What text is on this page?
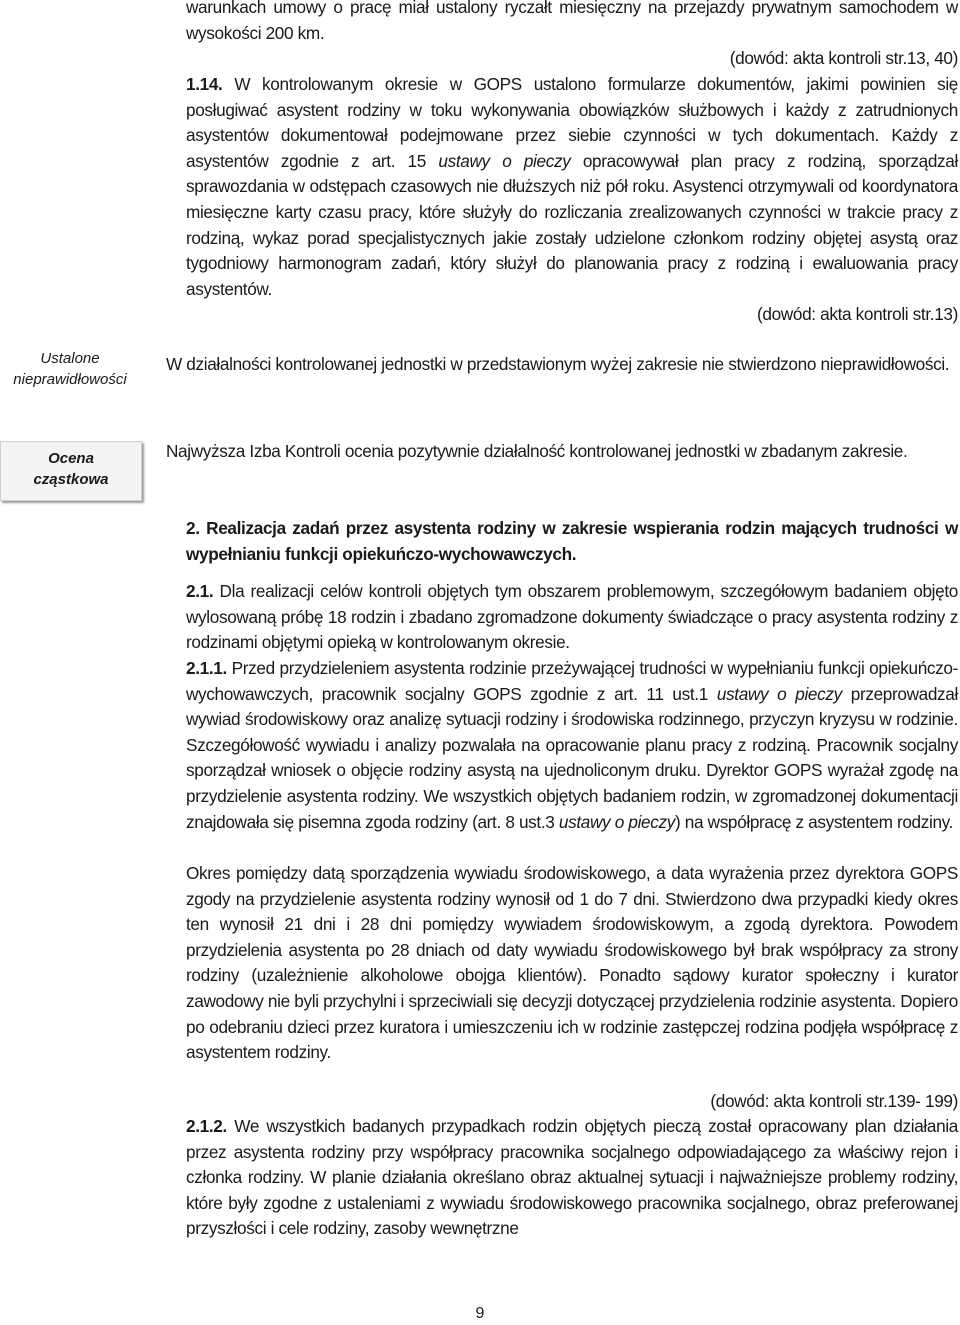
warunkach umowy o pracę miał ustalony ryczałt miesięczny na przejazdy prywatnym samochodem w wysokości 200 km.

(dowód: akta kontroli str.13, 40)

1.14. W kontrolowanym okresie w GOPS ustalono formularze dokumentów, jakimi powinien się posługiwać asystent rodziny w toku wykonywania obowiązków służbowych i każdy z zatrudnionych asystentów dokumentował podejmowane przez siebie czynności w tych dokumentach. Każdy z asystentów zgodnie z art. 15 ustawy o pieczy opracowywał plan pracy z rodziną, sporządzał sprawozdania w odstępach czasowych nie dłuższych niż pół roku. Asystenci otrzymywali od koordynatora miesięczne karty czasu pracy, które służyły do rozliczania zrealizowanych czynności w trakcie pracy z rodziną, wykaz porad specjalistycznych jakie zostały udzielone członkom rodziny objętej asystą oraz tygodniowy harmonogram zadań, który służył do planowania pracy z rodziną i ewaluowania pracy asystentów.

(dowód: akta kontroli str.13)

Ustalone
nieprawidłowości

W działalności kontrolowanej jednostki w przedstawionym wyżej zakresie nie stwierdzono nieprawidłowości.

Ocena
cząstkowa

Najwyższa Izba Kontroli ocenia pozytywnie działalność kontrolowanej jednostki w zbadanym zakresie.

2. Realizacja zadań przez asystenta rodziny w zakresie wspierania rodzin mających trudności w wypełnianiu funkcji opiekuńczo-wychowawczych.

2.1. Dla realizacji celów kontroli objętych tym obszarem problemowym, szczegółowym badaniem objęto wylosowaną próbę 18 rodzin i zbadano zgromadzone dokumenty świadczące o pracy asystenta rodziny z rodzinami objętymi opieką w kontrolowanym okresie.

2.1.1. Przed przydzieleniem asystenta rodzinie przeżywającej trudności w wypełnianiu funkcji opiekuńczo-wychowawczych, pracownik socjalny GOPS zgodnie z art. 11 ust.1 ustawy o pieczy przeprowadzał wywiad środowiskowy oraz analizę sytuacji rodziny i środowiska rodzinnego, przyczyn kryzysu w rodzinie. Szczegółowość wywiadu i analizy pozwalała na opracowanie planu pracy z rodziną. Pracownik socjalny sporządzał wniosek o objęcie rodziny asystą na ujednoliconym druku. Dyrektor GOPS wyrażał zgodę na przydzielenie asystenta rodziny. We wszystkich objętych badaniem rodzin, w zgromadzonej dokumentacji znajdowała się pisemna zgoda rodziny (art. 8 ust.3 ustawy o pieczy) na współpracę z asystentem rodziny.

Okres pomiędzy datą sporządzenia wywiadu środowiskowego, a data wyrażenia przez dyrektora GOPS zgody na przydzielenie asystenta rodziny wynosił od 1 do 7 dni. Stwierdzono dwa przypadki kiedy okres ten wynosił 21 dni i 28 dni pomiędzy wywiadem środowiskowym, a zgodą dyrektora. Powodem przydzielenia asystenta po 28 dniach od daty wywiadu środowiskowego był brak współpracy za strony rodziny (uzależnienie alkoholowe obojga klientów). Ponadto sądowy kurator społeczny i kurator zawodowy nie byli przychylni i sprzeciwiali się decyzji dotyczącej przydzielenia rodzinie asystenta. Dopiero po odebraniu dzieci przez kuratora i umieszczeniu ich w rodzinie zastępczej rodzina podjęła współpracę z asystentem rodziny.

(dowód: akta kontroli str.139- 199)

2.1.2. We wszystkich badanych przypadkach rodzin objętych pieczą został opracowany plan działania przez asystenta rodziny przy współpracy pracownika socjalnego odpowiadającego za właściwy rejon i członka rodziny. W planie działania określano obraz aktualnej sytuacji i najważniejsze problemy rodziny, które były zgodne z ustaleniami z wywiadu środowiskowego pracownika socjalnego, obraz preferowanej przyszłości i cele rodziny, zasoby wewnętrzne

9
